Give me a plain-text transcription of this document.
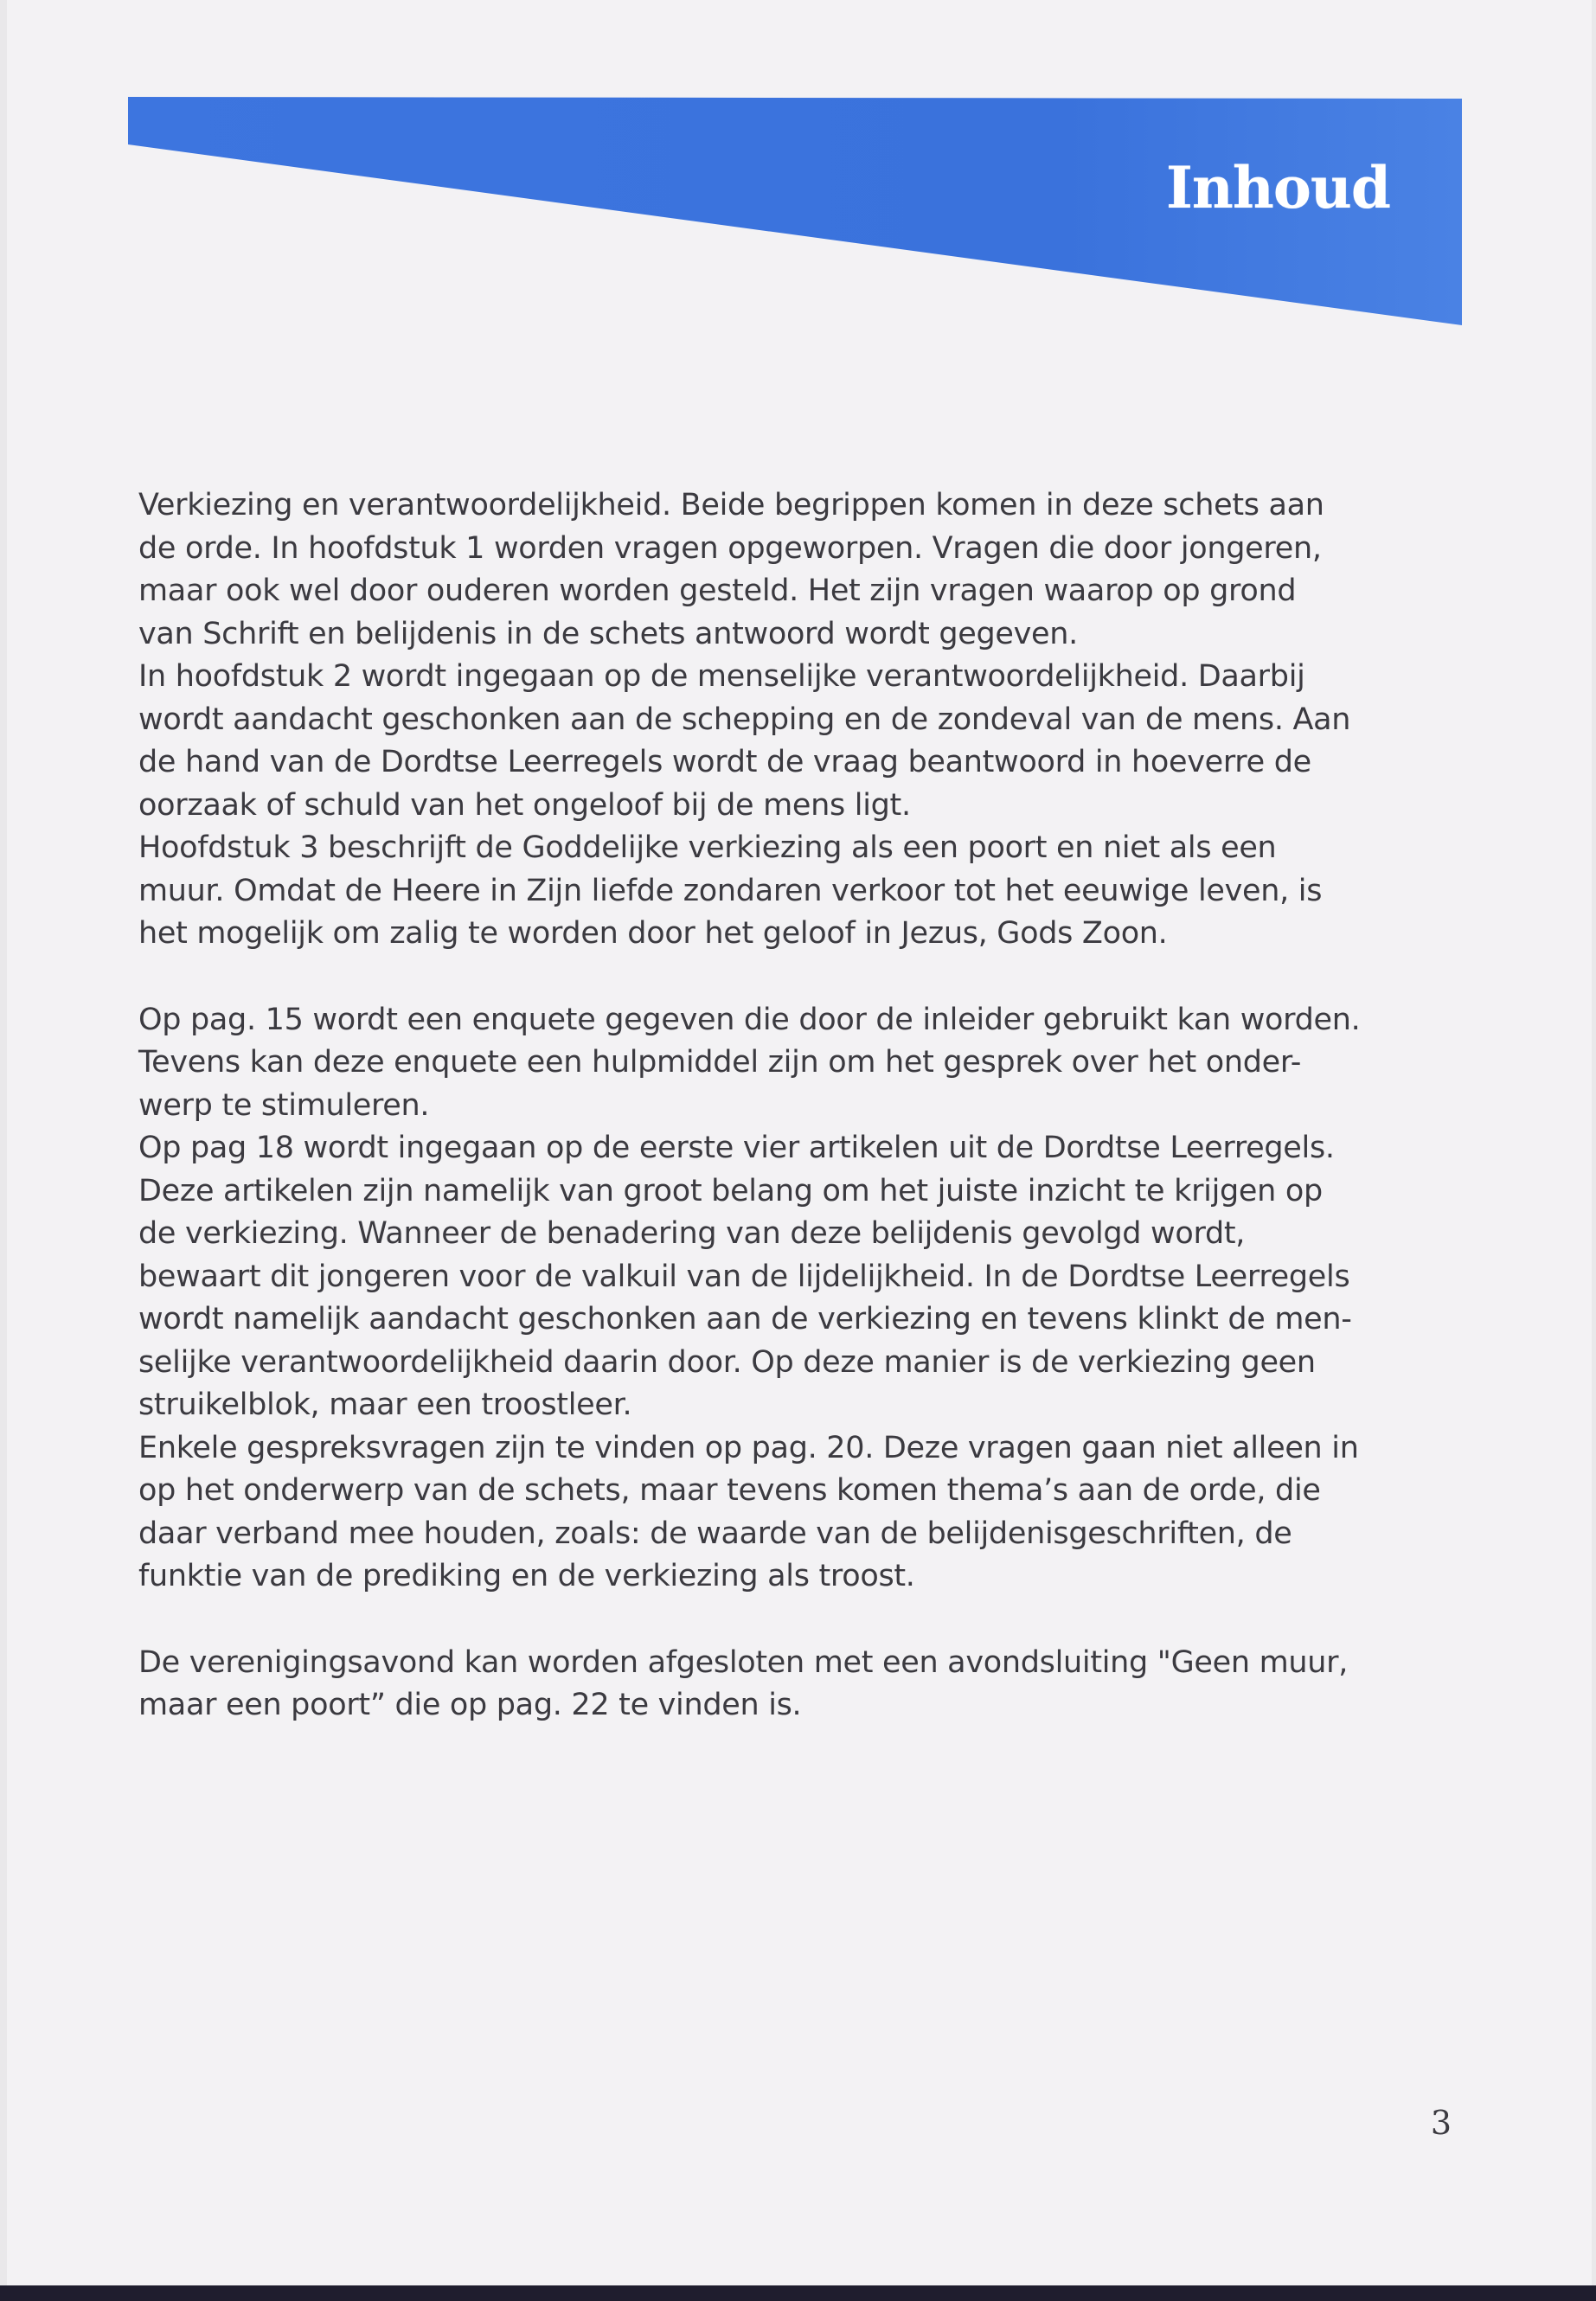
Inhoud

Verkiezing en verantwoordelijkheid. Beide begrippen komen in deze schets aan
de orde. In hoofdstuk 1 worden vragen opgeworpen. Vragen die door jongeren,
maar ook wel door ouderen worden gesteld. Het zijn vragen waarop op grond
van Schrift en belijdenis in de schets antwoord wordt gegeven.

In hoofdstuk 2 wordt ingegaan op de menselijke verantwoordelijkheid. Daarbij
wordt aandacht geschonken aan de schepping en de zondeval van de mens. Aan
de hand van de Dordtse Leerregels wordt de vraag beantwoord in hoeverre de
oorzaak of schuld van het ongeloof bij de mens ligt.

Hoofdstuk 3 beschrijft de Goddelijke verkiezing als een poort en niet als een
muur. Omdat de Heere in Zijn liefde zondaren verkoor tot het eeuwige leven, is
het mogelijk om zalig te worden door het geloof in Jezus, Gods Zoon.

Op pag. 15 wordt een enquete gegeven die door de inleider gebruikt kan worden.
Tevens kan deze enquete een hulpmiddel zijn om het gesprek over het onder-
werp te stimuleren.

Op pag 18 wordt ingegaan op de eerste vier artikelen uit de Dordtse Leerregels.
Deze artikelen zijn namelijk van groot belang om het juiste inzicht te krijgen op
de verkiezing. Wanneer de benadering van deze belijdenis gevolgd wordt,
bewaart dit jongeren voor de valkuil van de lijdelijkheid. In de Dordtse Leerregels
wordt namelijk aandacht geschonken aan de verkiezing en tevens klinkt de men-
selijke verantwoordelijkheid daarin door. Op deze manier is de verkiezing geen
struikelblok, maar een troostleer.

Enkele gespreksvragen zijn te vinden op pag. 20. Deze vragen gaan niet alleen in
op het onderwerp van de schets, maar tevens komen thema’s aan de orde, die
daar verband mee houden, zoals: de waarde van de belijdenisgeschriften, de
funktie van de prediking en de verkiezing als troost.

De verenigingsavond kan worden afgesloten met een avondsluiting "Geen muur,
maar een poort” die op pag. 22 te vinden is.

3
